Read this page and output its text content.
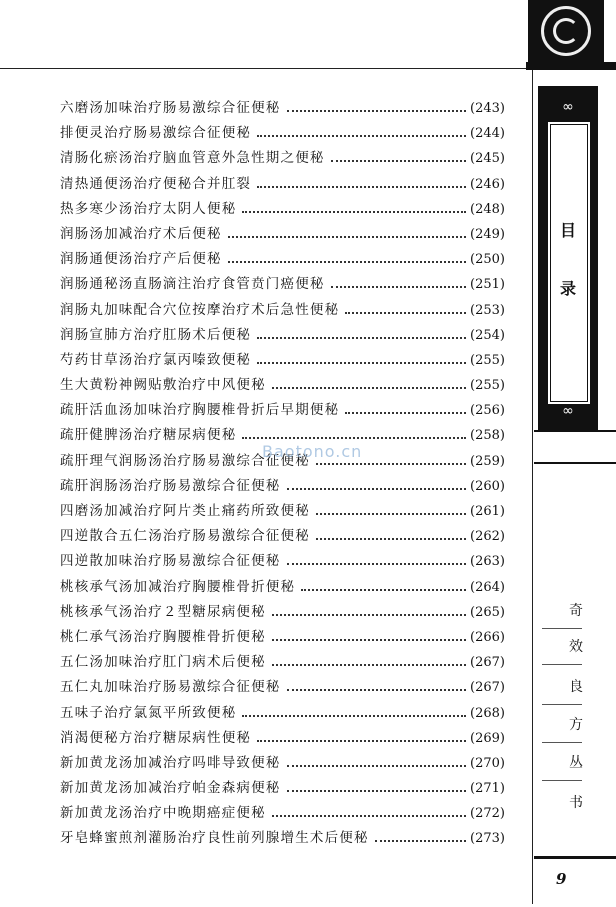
六磨汤加味治疗肠易激综合征便秘	(243)
排便灵治疗肠易激综合征便秘	(244)
清肠化瘀汤治疗脑血管意外急性期之便秘	(245)
清热通便汤治疗便秘合并肛裂	(246)
热多寒少汤治疗太阴人便秘	(248)
润肠汤加减治疗术后便秘	(249)
润肠通便汤治疗产后便秘	(250)
润肠通秘汤直肠滴注治疗食管贲门癌便秘	(251)
润肠丸加味配合穴位按摩治疗术后急性便秘	(253)
润肠宣肺方治疗肛肠术后便秘	(254)
芍药甘草汤治疗氯丙嗪致便秘	(255)
生大黄粉神阙贴敷治疗中风便秘	(255)
疏肝活血汤加味治疗胸腰椎骨折后早期便秘	(256)
疏肝健脾汤治疗糖尿病便秘	(258)
疏肝理气润肠汤治疗肠易激综合征便秘	(259)
疏肝润肠汤治疗肠易激综合征便秘	(260)
四磨汤加减治疗阿片类止痛药所致便秘	(261)
四逆散合五仁汤治疗肠易激综合征便秘	(262)
四逆散加味治疗肠易激综合征便秘	(263)
桃核承气汤加减治疗胸腰椎骨折便秘	(264)
桃核承气汤治疗２型糖尿病便秘	(265)
桃仁承气汤治疗胸腰椎骨折便秘	(266)
五仁汤加味治疗肛门病术后便秘	(267)
五仁丸加味治疗肠易激综合征便秘	(267)
五味子治疗氯氮平所致便秘	(268)
消渴便秘方治疗糖尿病性便秘	(269)
新加黄龙汤加减治疗吗啡导致便秘	(270)
新加黄龙汤加减治疗帕金森病便秘	(271)
新加黄龙汤治疗中晚期癌症便秘	(272)
牙皂蜂蜜煎剂灌肠治疗良性前列腺增生术后便秘	(273)
Baotono.cn
∞
目
录
∞
奇
效
良
方
丛
书
9
